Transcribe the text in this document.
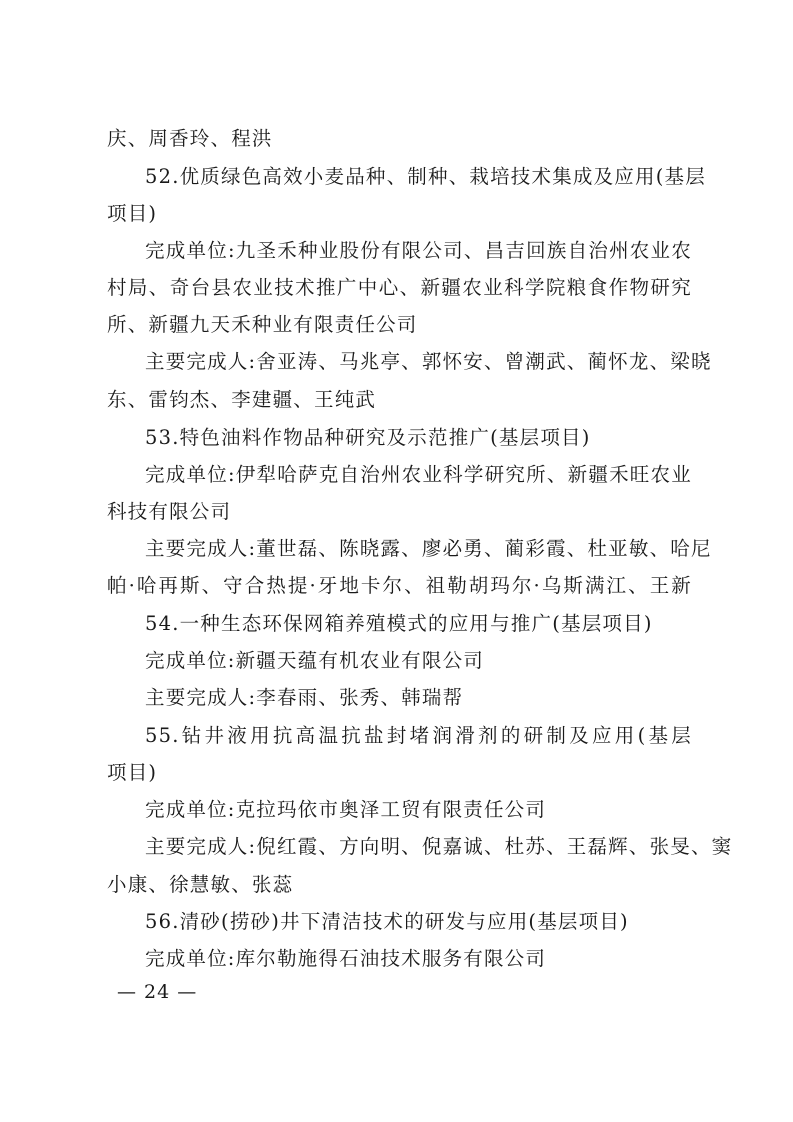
庆、周香玲、程洪
52.优质绿色高效小麦品种、制种、栽培技术集成及应用(基层
项目)
完成单位:九圣禾种业股份有限公司、昌吉回族自治州农业农
村局、奇台县农业技术推广中心、新疆农业科学院粮食作物研究
所、新疆九天禾种业有限责任公司
主要完成人:舍亚涛、马兆亭、郭怀安、曾潮武、蔺怀龙、梁晓
东、雷钧杰、李建疆、王纯武
53.特色油料作物品种研究及示范推广(基层项目)
完成单位:伊犁哈萨克自治州农业科学研究所、新疆禾旺农业
科技有限公司
主要完成人:董世磊、陈晓露、廖必勇、蔺彩霞、杜亚敏、哈尼
帕·哈再斯、守合热提·牙地卡尔、祖勒胡玛尔·乌斯满江、王新
54.一种生态环保网箱养殖模式的应用与推广(基层项目)
完成单位:新疆天蕴有机农业有限公司
主要完成人:李春雨、张秀、韩瑞帮
55.钻井液用抗高温抗盐封堵润滑剂的研制及应用(基层
项目)
完成单位:克拉玛依市奥泽工贸有限责任公司
主要完成人:倪红霞、方向明、倪嘉诚、杜苏、王磊辉、张旻、窦
小康、徐慧敏、张蕊
56.清砂(捞砂)井下清洁技术的研发与应用(基层项目)
完成单位:库尔勒施得石油技术服务有限公司
— 24 —
